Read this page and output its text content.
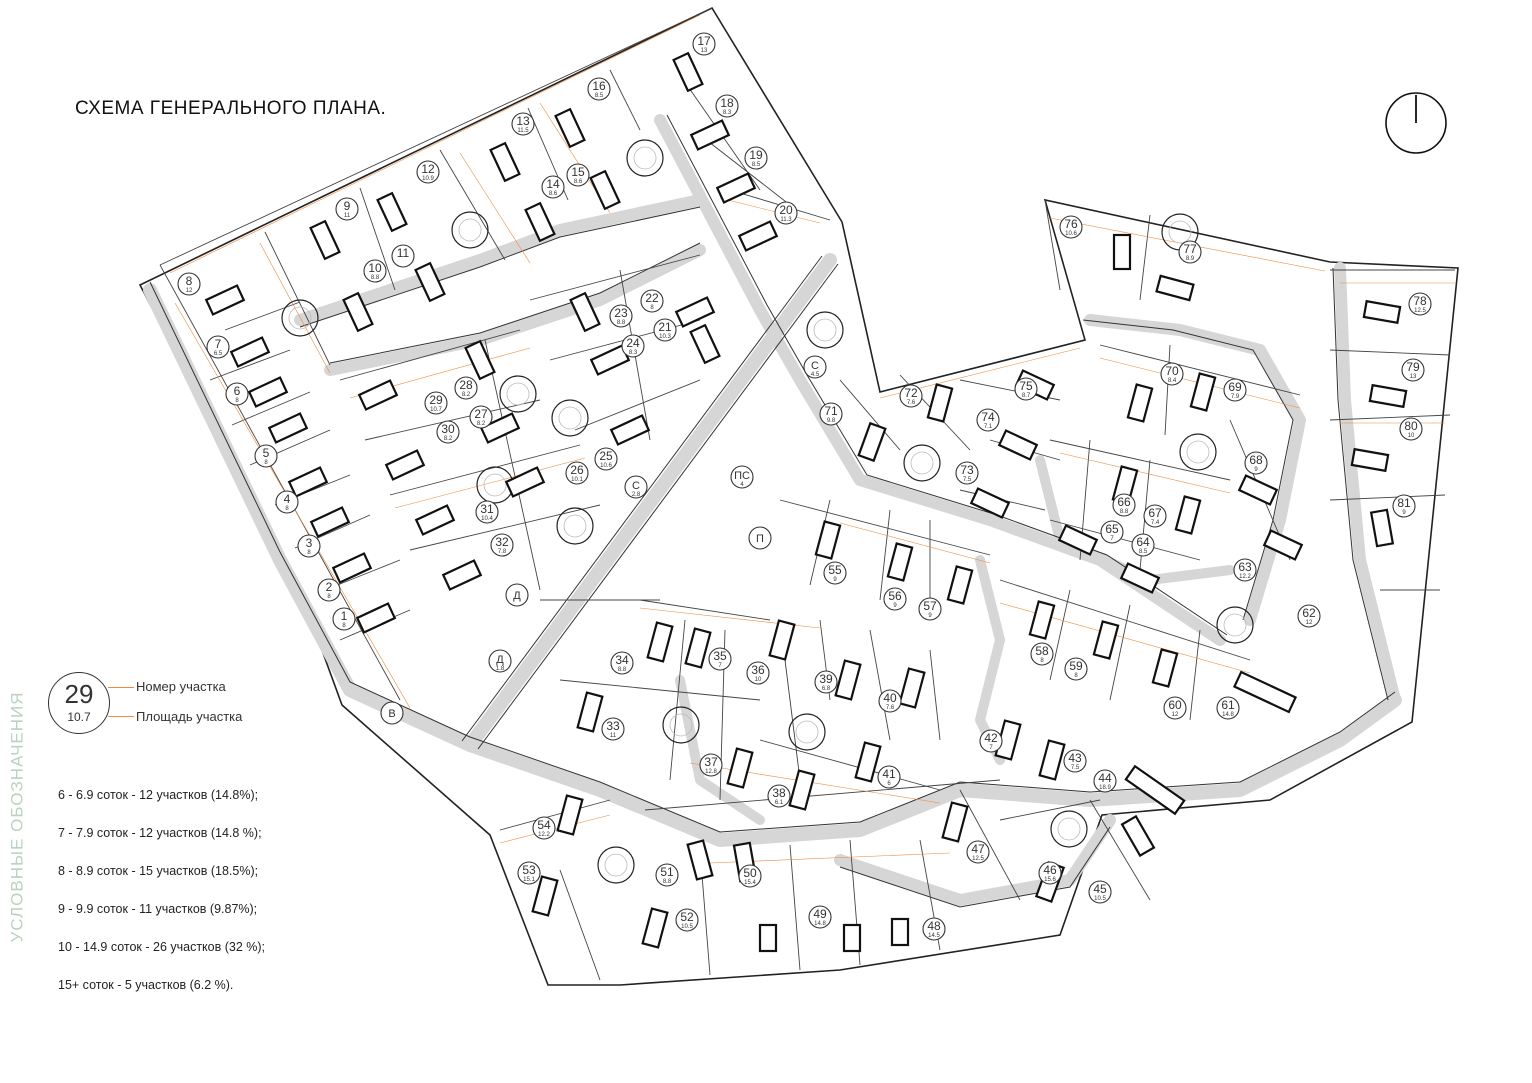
1
8
2
8
3
8
4
8
5
8
6
8
7
6.5
8
12
9
11
10
8.8
11
12
10.9
13
11.5
14
8.6
15
8.6
16
8.5
17
13
18
8.3
19
8.5
20
11.3
21
10.3
22
8
23
8.8
24
8.3
25
10.6
26
10.1
27
8.2
28
8.2
29
10.7
30
8.2
31
10.4
32
7.8
33
11
34
8.8
35
7 36
10
37
12.8
38
6.1
39
6.8
40
7.6
41
6
42
7
43
7.5
44
18.9
45
10.5
46
15.6
47
12.5
48
14.5
49
14.8
50
15.4
51
8.8
52
10.5
53
15.1
54
12.2
55
9
56
9 57
9
58
8 59
8
60
12
61
14.8
62
12
63
12.2
64
8.5
65
7
66
8.8 67
7.4
68
9
69
7.9
70
8.4
71
9.8
72
7.6
73
7.5
74
7.1
75
8.7
76
10.6
77
8.9
78
12.5
79
13
80
10
81
9
С
4.5
С
2.8
ПС
4
П
Д
Д
1.8
В
СХЕМА ГЕНЕРАЛЬНОГО ПЛАНА.
УСЛОВНЫЕ ОБОЗНАЧЕНИЯ	29
10.7
Номер участка
Площадь участка
6 - 6.9 соток - 12 участков (14.8%);
7 - 7.9 соток - 12 участков (14.8 %);
8 - 8.9 соток - 15 участков (18.5%);
9 - 9.9 соток - 11 участков (9.87%);
10 - 14.9 соток - 26 участков (32 %);
15+ соток - 5 участков (6.2 %).
